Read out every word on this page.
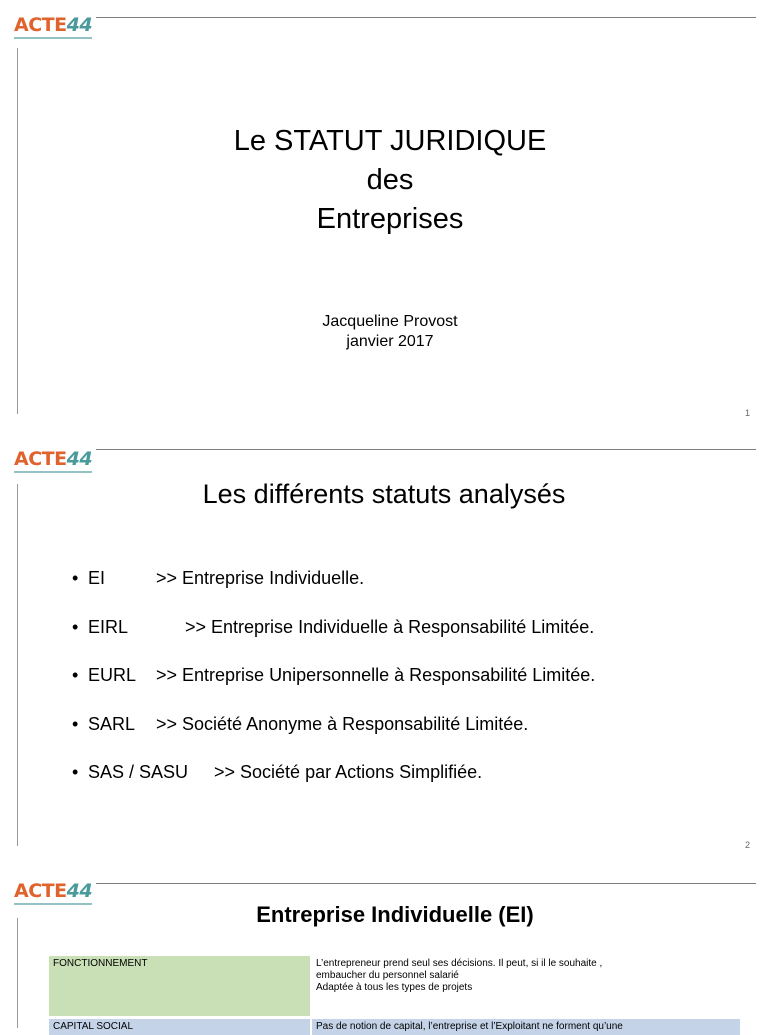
ACTE44
Le STATUT JURIDIQUE
des
Entreprises
Jacqueline Provost
janvier 2017
1
ACTE44
Les différents statuts analysés
• EI	>> Entreprise Individuelle.
• EIRL	>> Entreprise Individuelle à Responsabilité Limitée.
• EURL >> Entreprise Unipersonnelle à Responsabilité Limitée.
• SARL >> Société Anonyme à Responsabilité Limitée.
• SAS / SASU >> Société par Actions Simplifiée.
2
ACTE44
Entreprise Individuelle (EI)
FONCTIONNEMENT	L’entrepreneur prend seul ses décisions. Il peut, si il le souhaite ,
embaucher du personnel salarié
Adaptée à tous les types de projets

CAPITAL SOCIAL	Pas de notion de capital, l’entreprise et l’Exploitant ne forment qu’une
